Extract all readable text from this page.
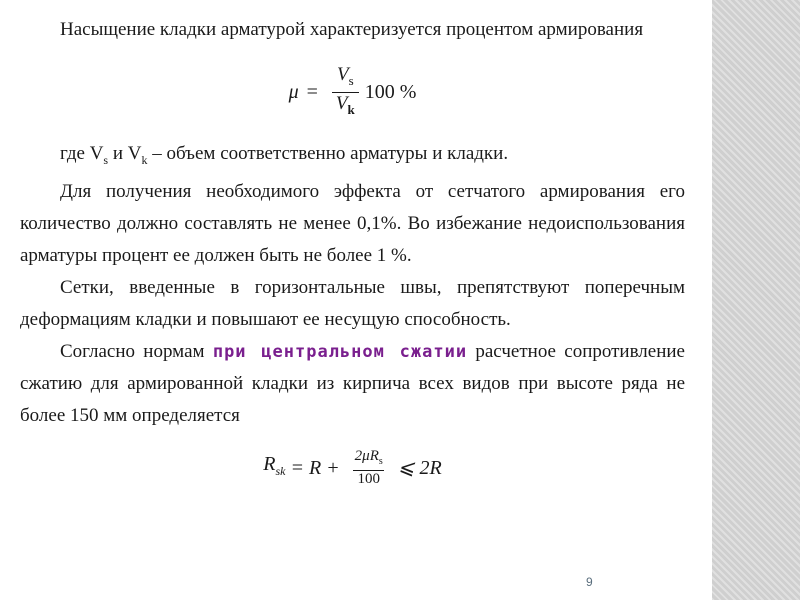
Насыщение кладки арматурой характеризуется процентом армирования

$\mu = \frac{V_s}{V_k} 100$ %

где $V_s$ и $V_k$ – объем соответственно арматуры и кладки.

Для получения необходимого эффекта от сетчатого армирования его количество должно составлять не менее 0,1%. Во избежание недоиспользования арматуры процент ее должен быть не более 1 %.

Сетки, введенные в горизонтальные швы, препятствуют поперечным деформациям кладки и повышают ее несущую способность.

Согласно нормам при центральном сжатии расчетное сопротивление сжатию для армированной кладки из кирпича всех видов при высоте ряда не более 150 мм определяется

$R_{sk} = R + \frac{2\mu R_s}{100}$ ⩽ 2R
9
